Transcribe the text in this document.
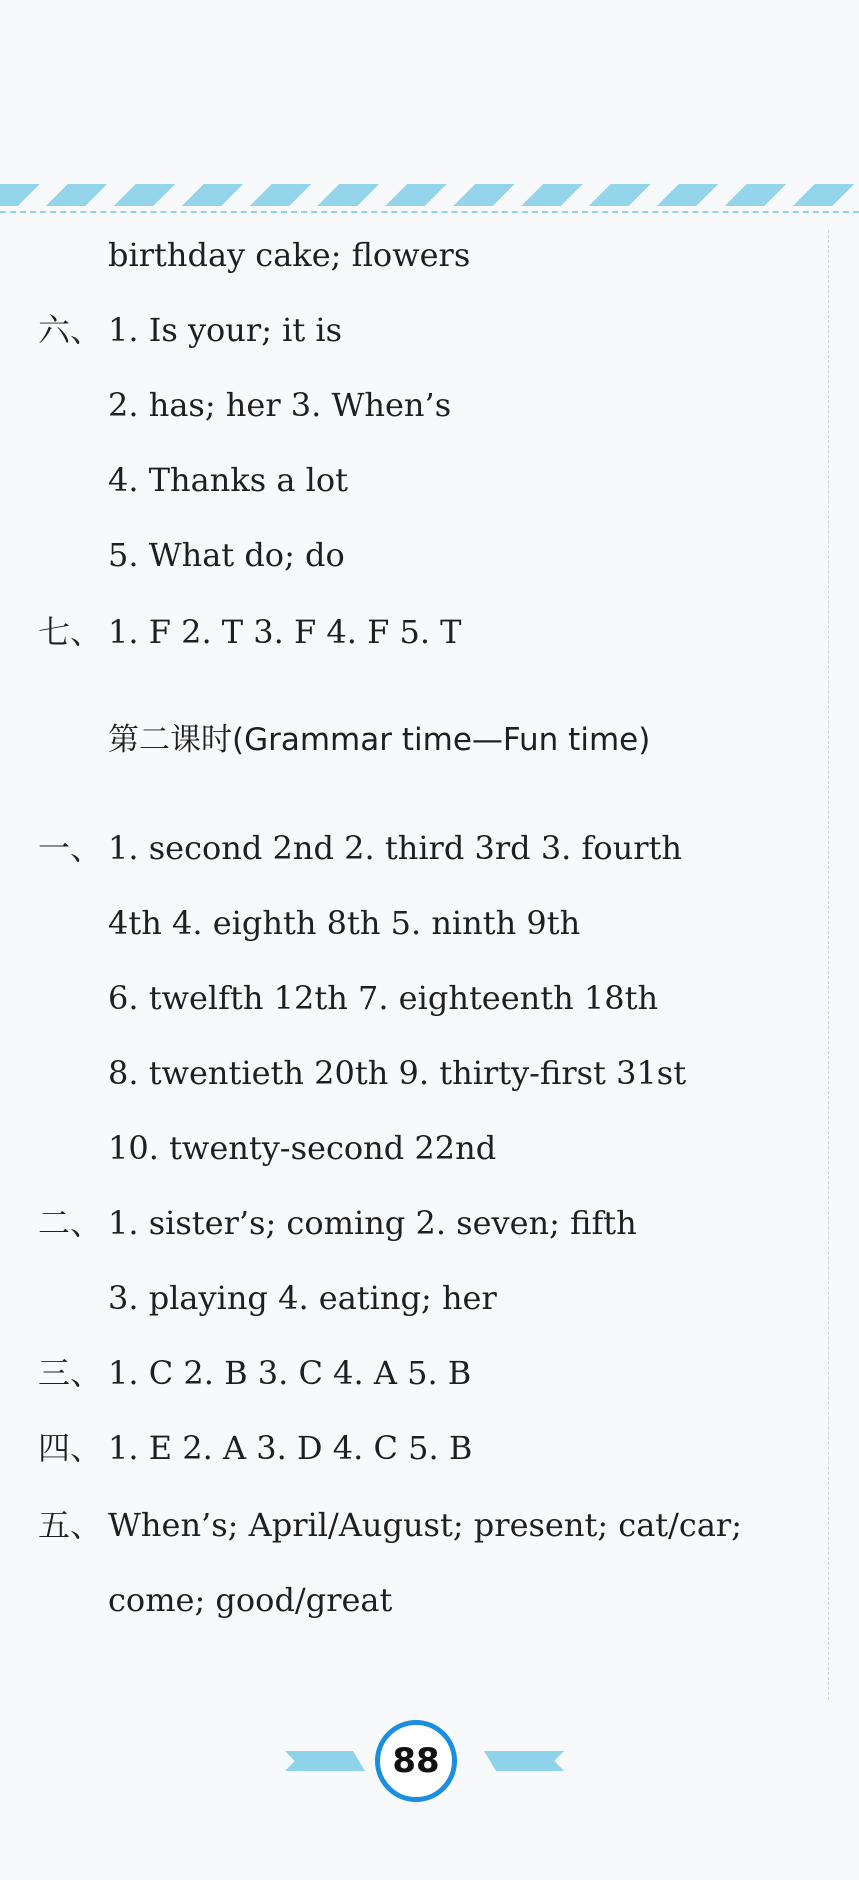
birthday cake; flowers
六、 1. Is your; it is
2. has; her 3. When’s
4. Thanks a lot
5. What do; do
七、 1. F 2. T 3. F 4. F 5. T
第二课时(Grammar time—Fun time)
一、 1. second 2nd 2. third 3rd 3. fourth
4th 4. eighth 8th 5. ninth 9th
6. twelfth 12th 7. eighteenth 18th
8. twentieth 20th 9. thirty-first 31st
10. twenty-second 22nd
二、 1. sister’s; coming 2. seven; fifth
3. playing 4. eating; her
三、 1. C 2. B 3. C 4. A 5. B
四、 1. E 2. A 3. D 4. C 5. B
五、 When’s; April/August; present; cat/car;
come; good/great
88
